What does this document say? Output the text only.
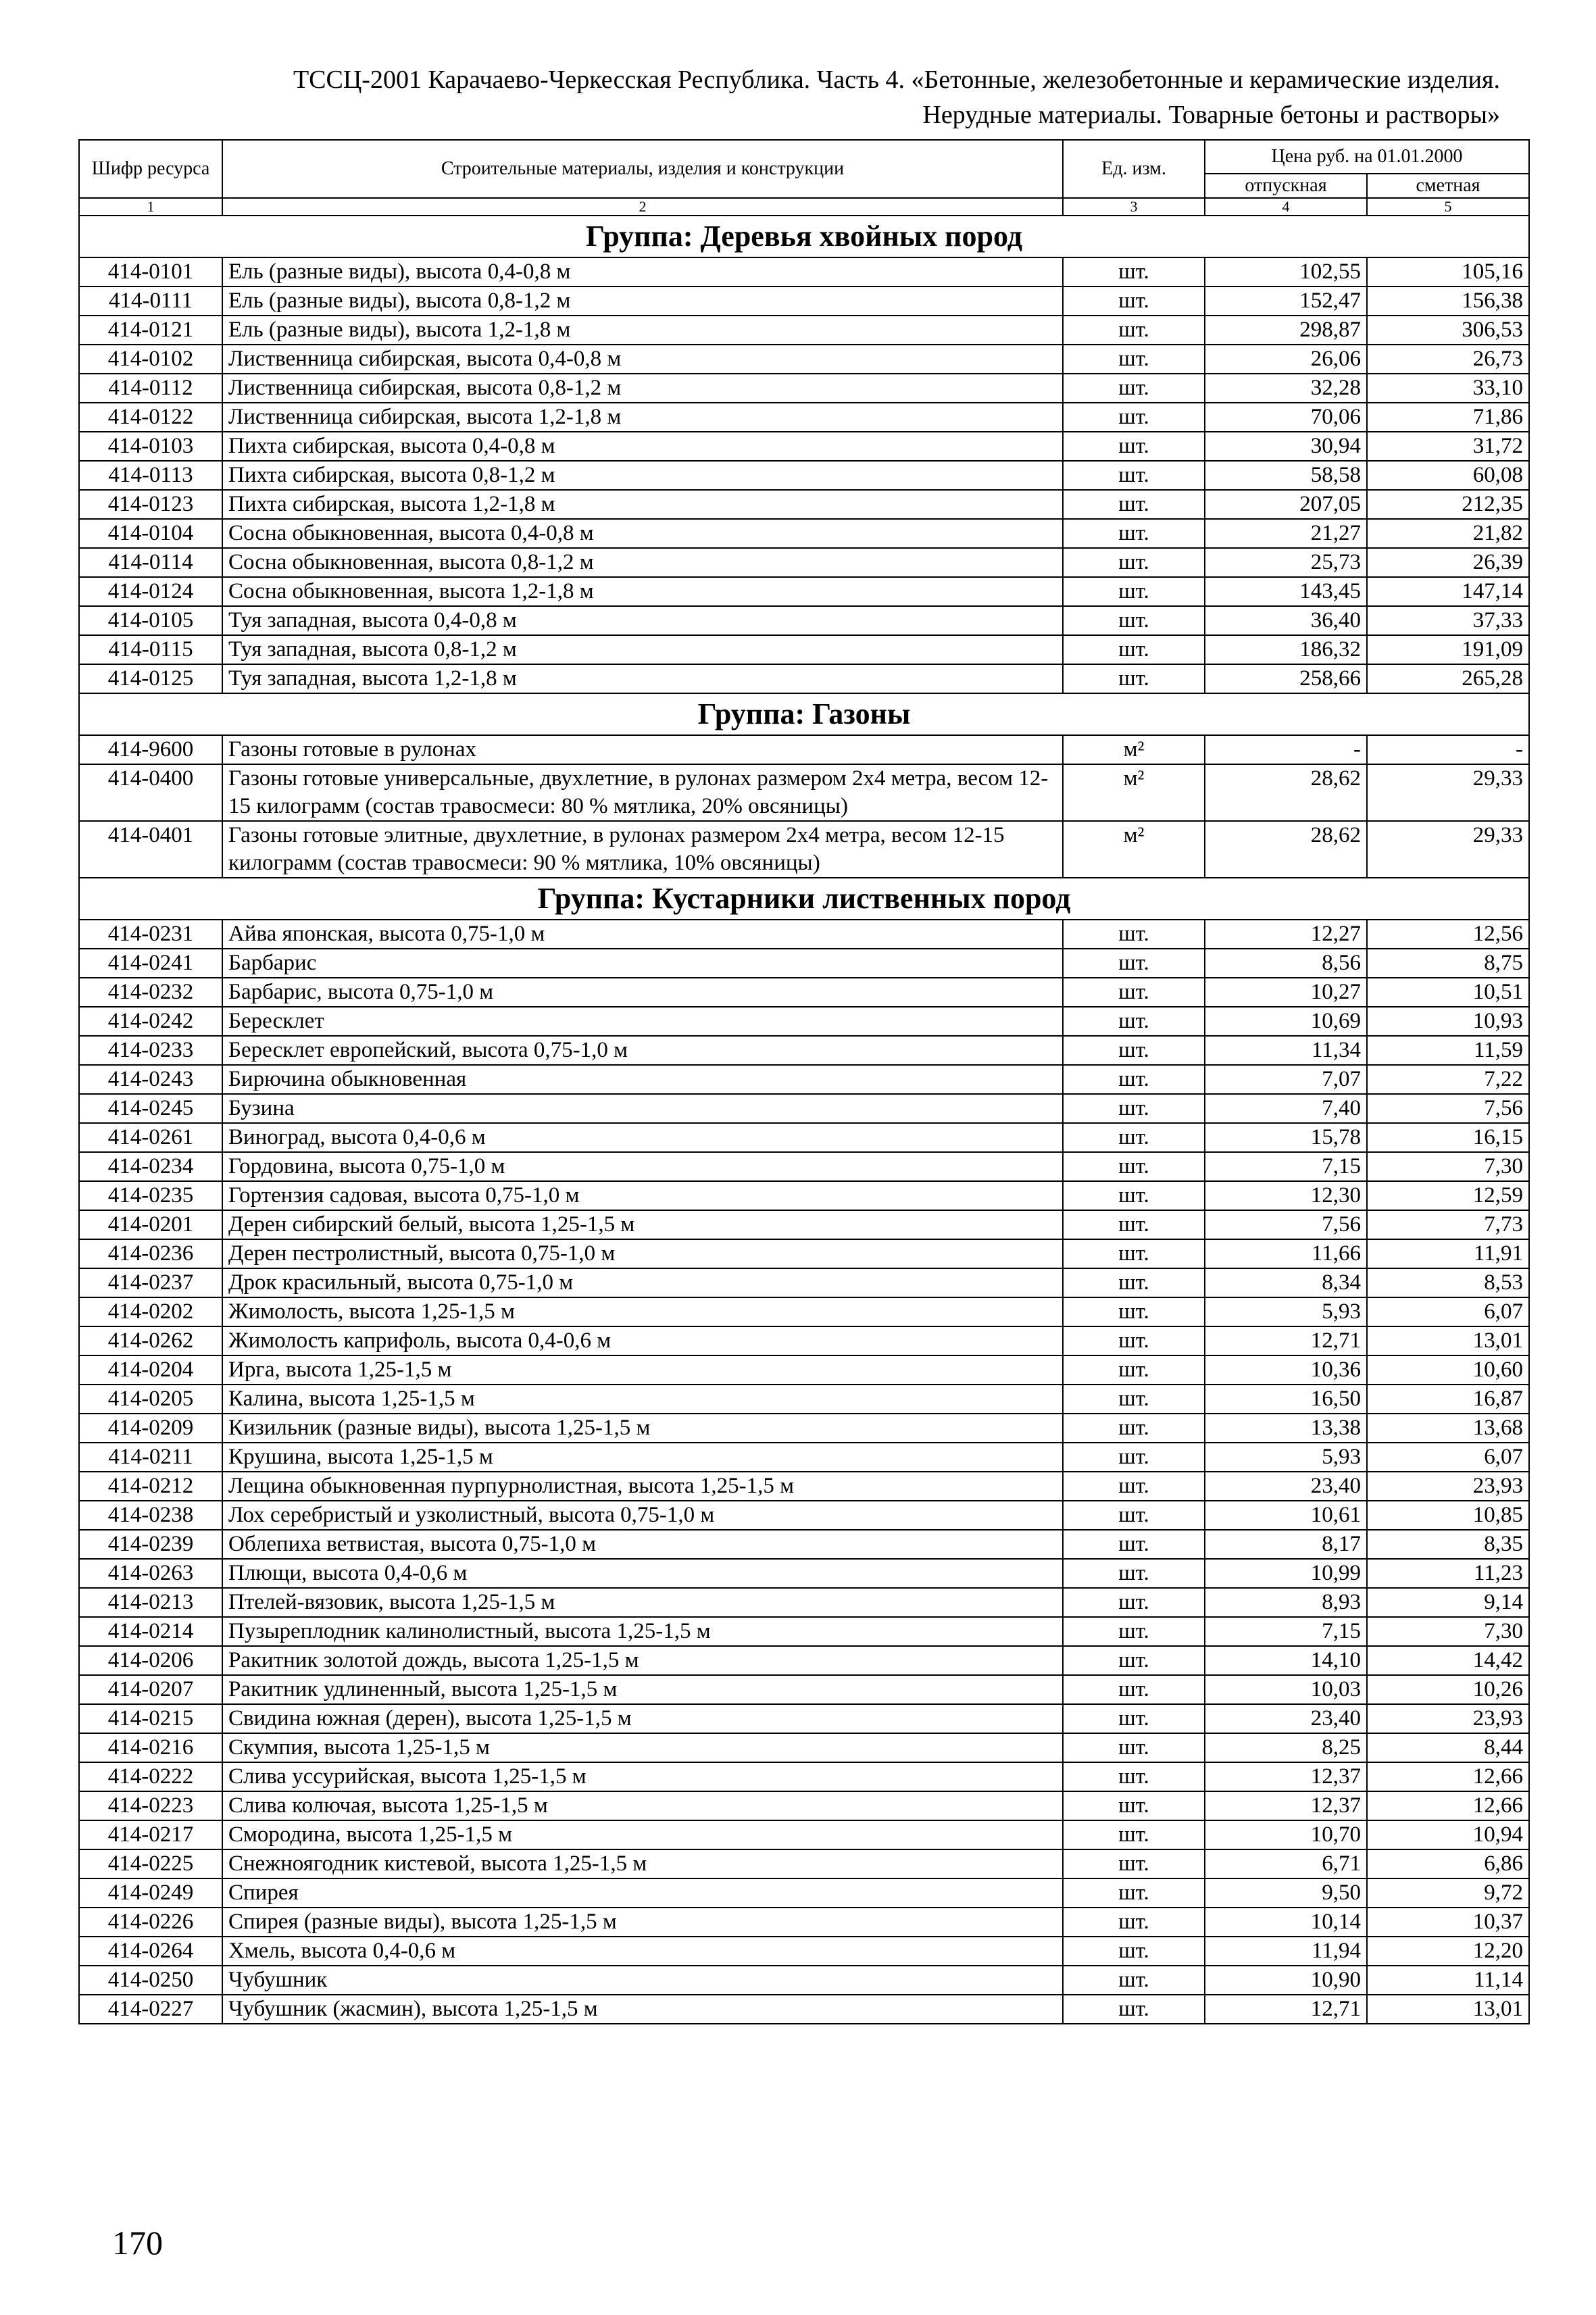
ТССЦ-2001 Карачаево-Черкесская Республика. Часть 4. «Бетонные, железобетонные и керамические изделия.
Нерудные материалы. Товарные бетоны и растворы»
Шифр ресурса	Строительные материалы, изделия и конструкции	Ед. изм.	Цена руб. на 01.01.2000	
			отпускная	сметная
1	2	3	4	5
Группа: Деревья хвойных пород				
414-0101	Ель (разные виды), высота 0,4-0,8 м	шт.	102,55	105,16
414-0111	Ель (разные виды), высота 0,8-1,2 м	шт.	152,47	156,38
414-0121	Ель (разные виды), высота 1,2-1,8 м	шт.	298,87	306,53
414-0102	Лиственница сибирская, высота 0,4-0,8 м	шт.	26,06	26,73
414-0112	Лиственница сибирская, высота 0,8-1,2 м	шт.	32,28	33,10
414-0122	Лиственница сибирская, высота 1,2-1,8 м	шт.	70,06	71,86
414-0103	Пихта сибирская, высота 0,4-0,8 м	шт.	30,94	31,72
414-0113	Пихта сибирская, высота 0,8-1,2 м	шт.	58,58	60,08
414-0123	Пихта сибирская, высота 1,2-1,8 м	шт.	207,05	212,35
414-0104	Сосна обыкновенная, высота 0,4-0,8 м	шт.	21,27	21,82
414-0114	Сосна обыкновенная, высота 0,8-1,2 м	шт.	25,73	26,39
414-0124	Сосна обыкновенная, высота 1,2-1,8 м	шт.	143,45	147,14
414-0105	Туя западная, высота 0,4-0,8 м	шт.	36,40	37,33
414-0115	Туя западная, высота 0,8-1,2 м	шт.	186,32	191,09
414-0125	Туя западная, высота 1,2-1,8 м	шт.	258,66	265,28
Группа: Газоны				
414-9600	Газоны готовые в рулонах	м²	-	-
414-0400	Газоны готовые универсальные, двухлетние, в рулонах размером 2х4 метра, весом 12-15 килограмм (состав травосмеси: 80 % мятлика, 20% овсяницы)	м²	28,62	29,33
414-0401	Газоны готовые элитные, двухлетние, в рулонах размером 2х4 метра, весом 12-15 килограмм (состав травосмеси: 90 % мятлика, 10% овсяницы)	м²	28,62	29,33
Группа: Кустарники лиственных пород				
414-0231	Айва японская, высота 0,75-1,0 м	шт.	12,27	12,56
414-0241	Барбарис	шт.	8,56	8,75
414-0232	Барбарис, высота 0,75-1,0 м	шт.	10,27	10,51
414-0242	Бересклет	шт.	10,69	10,93
414-0233	Бересклет европейский, высота 0,75-1,0 м	шт.	11,34	11,59
414-0243	Бирючина обыкновенная	шт.	7,07	7,22
414-0245	Бузина	шт.	7,40	7,56
414-0261	Виноград, высота 0,4-0,6 м	шт.	15,78	16,15
414-0234	Гордовина, высота 0,75-1,0 м	шт.	7,15	7,30
414-0235	Гортензия садовая, высота 0,75-1,0 м	шт.	12,30	12,59
414-0201	Дерен сибирский белый, высота 1,25-1,5 м	шт.	7,56	7,73
414-0236	Дерен пестролистный, высота 0,75-1,0 м	шт.	11,66	11,91
414-0237	Дрок красильный, высота 0,75-1,0 м	шт.	8,34	8,53
414-0202	Жимолость, высота 1,25-1,5 м	шт.	5,93	6,07
414-0262	Жимолость каприфоль, высота 0,4-0,6 м	шт.	12,71	13,01
414-0204	Ирга, высота 1,25-1,5 м	шт.	10,36	10,60
414-0205	Калина, высота 1,25-1,5 м	шт.	16,50	16,87
414-0209	Кизильник (разные виды), высота 1,25-1,5 м	шт.	13,38	13,68
414-0211	Крушина, высота 1,25-1,5 м	шт.	5,93	6,07
414-0212	Лещина обыкновенная пурпурнолистная, высота 1,25-1,5 м	шт.	23,40	23,93
414-0238	Лох серебристый и узколистный, высота 0,75-1,0 м	шт.	10,61	10,85
414-0239	Облепиха ветвистая, высота 0,75-1,0 м	шт.	8,17	8,35
414-0263	Плющи, высота 0,4-0,6 м	шт.	10,99	11,23
414-0213	Птелей-вязовик, высота 1,25-1,5 м	шт.	8,93	9,14
414-0214	Пузыреплодник калинолистный, высота 1,25-1,5 м	шт.	7,15	7,30
414-0206	Ракитник золотой дождь, высота 1,25-1,5 м	шт.	14,10	14,42
414-0207	Ракитник удлиненный, высота 1,25-1,5 м	шт.	10,03	10,26
414-0215	Свидина южная (дерен), высота 1,25-1,5 м	шт.	23,40	23,93
414-0216	Скумпия, высота 1,25-1,5 м	шт.	8,25	8,44
414-0222	Слива уссурийская, высота 1,25-1,5 м	шт.	12,37	12,66
414-0223	Слива колючая, высота 1,25-1,5 м	шт.	12,37	12,66
414-0217	Смородина, высота 1,25-1,5 м	шт.	10,70	10,94
414-0225	Снежноягодник кистевой, высота 1,25-1,5 м	шт.	6,71	6,86
414-0249	Спирея	шт.	9,50	9,72
414-0226	Спирея (разные виды), высота 1,25-1,5 м	шт.	10,14	10,37
414-0264	Хмель, высота 0,4-0,6 м	шт.	11,94	12,20
414-0250	Чубушник	шт.	10,90	11,14
414-0227	Чубушник (жасмин), высота 1,25-1,5 м	шт.	12,71	13,01
170
